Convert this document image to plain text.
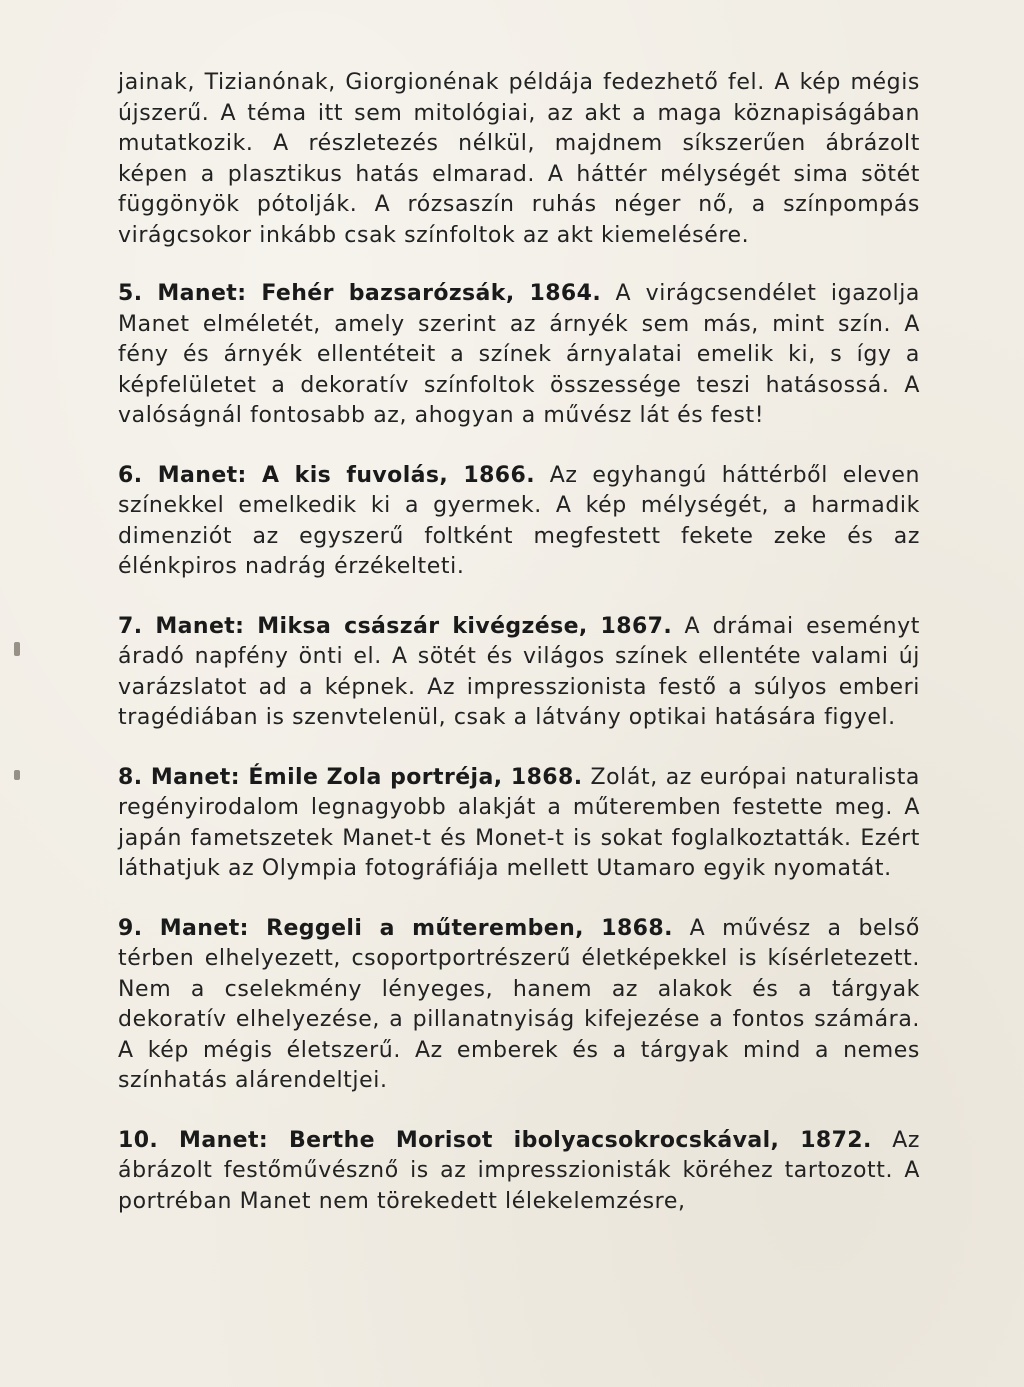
jainak, Tizianónak, Giorgionénak példája fedezhető fel. A kép mégis újszerű. A téma itt sem mitológiai, az akt a maga köznapiságában mutatkozik. A részletezés nélkül, majdnem síkszerűen ábrázolt képen a plasztikus hatás elmarad. A háttér mélységét sima sötét függönyök pótolják. A rózsaszín ruhás néger nő, a színpompás virágcsokor inkább csak színfoltok az akt kiemelésére.

5. Manet: Fehér bazsarózsák, 1864. A virágcsendélet igazolja Manet elméletét, amely szerint az árnyék sem más, mint szín. A fény és árnyék ellentéteit a színek árnyalatai emelik ki, s így a képfelületet a dekoratív színfoltok összessége teszi hatásossá. A valóságnál fontosabb az, ahogyan a művész lát és fest!

6. Manet: A kis fuvolás, 1866. Az egyhangú háttérből eleven színekkel emelkedik ki a gyermek. A kép mélységét, a harmadik dimenziót az egyszerű foltként megfestett fekete zeke és az élénkpiros nadrág érzékelteti.

7. Manet: Miksa császár kivégzése, 1867. A drámai eseményt áradó napfény önti el. A sötét és világos színek ellentéte valami új varázslatot ad a képnek. Az impresszionista festő a súlyos emberi tragédiában is szenvtelenül, csak a látvány optikai hatására figyel.

8. Manet: Émile Zola portréja, 1868. Zolát, az európai naturalista regényirodalom legnagyobb alakját a műteremben festette meg. A japán fametszetek Manet-t és Monet-t is sokat foglalkoztatták. Ezért láthatjuk az Olympia fotográfiája mellett Utamaro egyik nyomatát.

9. Manet: Reggeli a műteremben, 1868. A művész a belső térben elhelyezett, csoportportrészerű életképekkel is kísérletezett. Nem a cselekmény lényeges, hanem az alakok és a tárgyak dekoratív elhelyezése, a pillanatnyiság kifejezése a fontos számára. A kép mégis életszerű. Az emberek és a tárgyak mind a nemes színhatás alárendeltjei.

10. Manet: Berthe Morisot ibolyacsokrocskával, 1872. Az ábrázolt festőművésznő is az impresszionisták köréhez tartozott. A portréban Manet nem törekedett lélekelemzésre,
